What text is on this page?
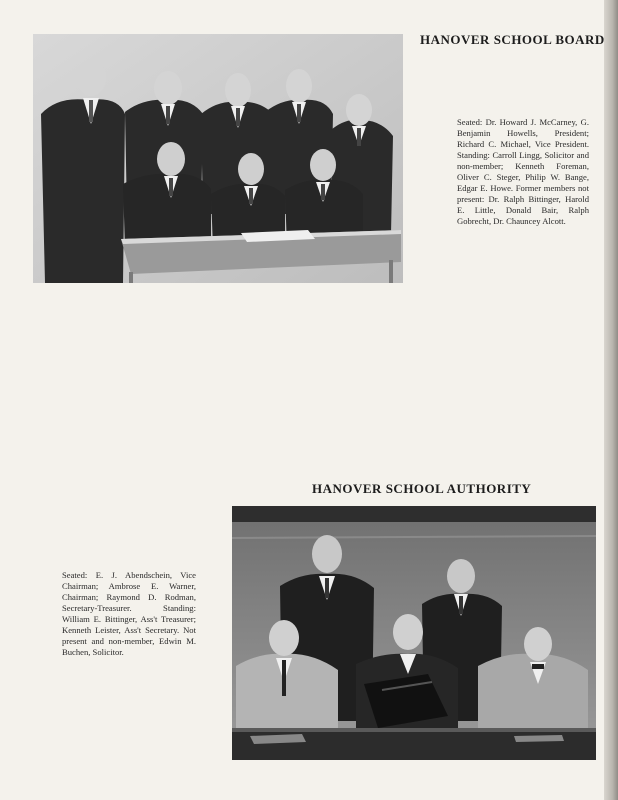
HANOVER SCHOOL BOARD
Seated: Dr. Howard J. McCarney, G. Benjamin Howells, President; Richard C. Michael, Vice President. Standing: Carroll Lingg, Solicitor and non-member; Kenneth Foreman, Oliver C. Steger, Philip W. Bange, Edgar E. Howe. Former members not present: Dr. Ralph Bittinger, Harold E. Little, Donald Bair, Ralph Gobrecht, Dr. Chauncey Alcott.
HANOVER SCHOOL AUTHORITY
Seated: E. J. Abendschein, Vice Chairman; Ambrose E. Warner, Chairman; Raymond D. Rodman, Secretary-Treasurer. Standing: William E. Bittinger, Ass't Treasurer; Kenneth Leister, Ass't Secretary. Not present and non-member, Edwin M. Buchen, Solicitor.
